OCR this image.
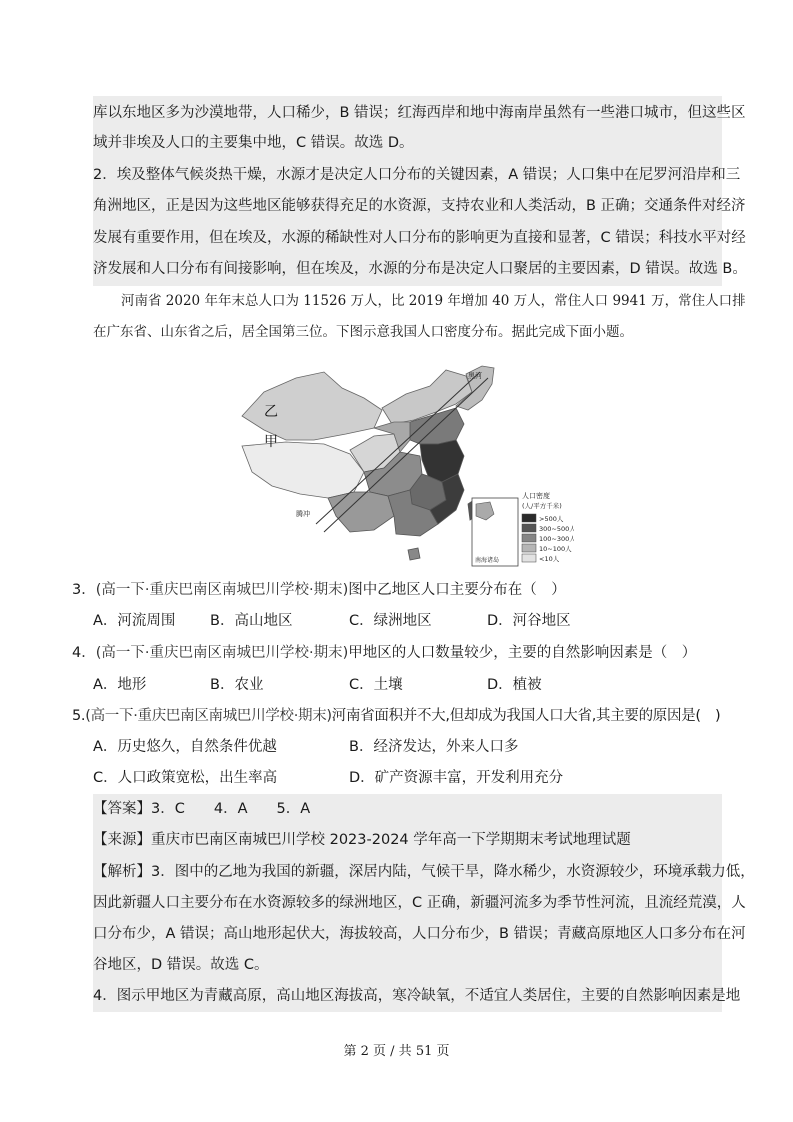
库以东地区多为沙漠地带，人口稀少，B 错误；红海西岸和地中海南岸虽然有一些港口城市，但这些区
域并非埃及人口的主要集中地，C 错误。故选 D。
2．埃及整体气候炎热干燥，水源才是决定人口分布的关键因素，A 错误；人口集中在尼罗河沿岸和三
角洲地区，正是因为这些地区能够获得充足的水资源，支持农业和人类活动，B 正确；交通条件对经济
发展有重要作用，但在埃及，水源的稀缺性对人口分布的影响更为直接和显著，C 错误；科技水平对经
济发展和人口分布有间接影响，但在埃及，水源的分布是决定人口聚居的主要因素，D 错误。故选 B。
河南省 2020 年年末总人口为 11526 万人，比 2019 年增加 40 万人，常住人口 9941 万，常住人口排
在广东省、山东省之后，居全国第三位。下图示意我国人口密度分布。据此完成下面小题。
乙
甲
黑河
腾冲
南海诸岛
人口密度
(人/平方千米)
>500人
300~500人
100~300人
10~100人
<10人
3．(高一下·重庆巴南区南城巴川学校·期末)图中乙地区人口主要分布在（　）
A．河流周围 B．高山地区	C．绿洲地区	D．河谷地区
4．(高一下·重庆巴南区南城巴川学校·期末)甲地区的人口数量较少，主要的自然影响因素是（　）
A．地形	B．农业	C．土壤	D．植被
5.(高一下·重庆巴南区南城巴川学校·期末)河南省面积并不大,但却成为我国人口大省,其主要的原因是(　)
A．历史悠久，自然条件优越	B．经济发达，外来人口多
C．人口政策宽松，出生率高	D．矿产资源丰富，开发利用充分
【答案】3．C　　4．A　　5．A
【来源】重庆市巴南区南城巴川学校 2023-2024 学年高一下学期期末考试地理试题
【解析】3．图中的乙地为我国的新疆，深居内陆，气候干旱，降水稀少，水资源较少，环境承载力低，
因此新疆人口主要分布在水资源较多的绿洲地区，C 正确，新疆河流多为季节性河流，且流经荒漠，人
口分布少，A 错误；高山地形起伏大，海拔较高，人口分布少，B 错误；青藏高原地区人口多分布在河
谷地区，D 错误。故选 C。
4．图示甲地区为青藏高原，高山地区海拔高，寒冷缺氧，不适宜人类居住，主要的自然影响因素是地
第 2 页 / 共 51 页
